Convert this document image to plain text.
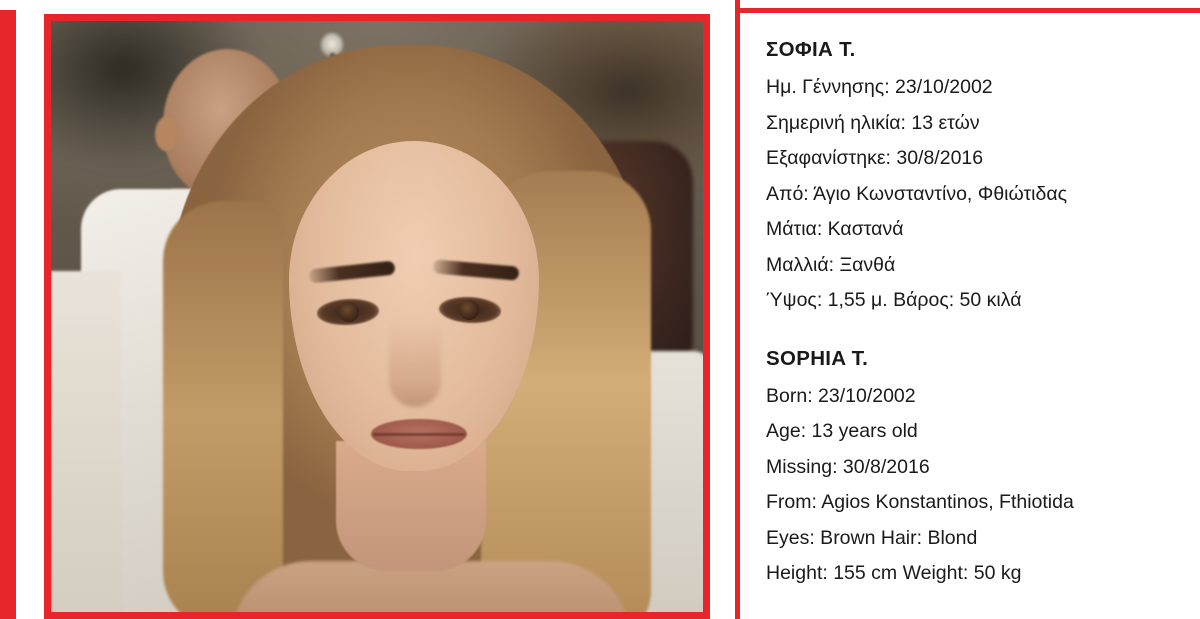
ΣΟΦΙΑ Τ.

Ημ. Γέννησης: 23/10/2002

Σημερινή ηλικία: 13 ετών

Εξαφανίστηκε: 30/8/2016

Από: Άγιο Κωνσταντίνο, Φθιώτιδας

Μάτια: Καστανά

Μαλλιά: Ξανθά

Ύψος: 1,55 μ. Βάρος: 50 κιλά

SOPHIA T.

Born: 23/10/2002

Age: 13 years old

Missing: 30/8/2016

From: Agios Konstantinos, Fthiotida

Eyes: Brown Hair: Blond

Height: 155 cm Weight: 50 kg
